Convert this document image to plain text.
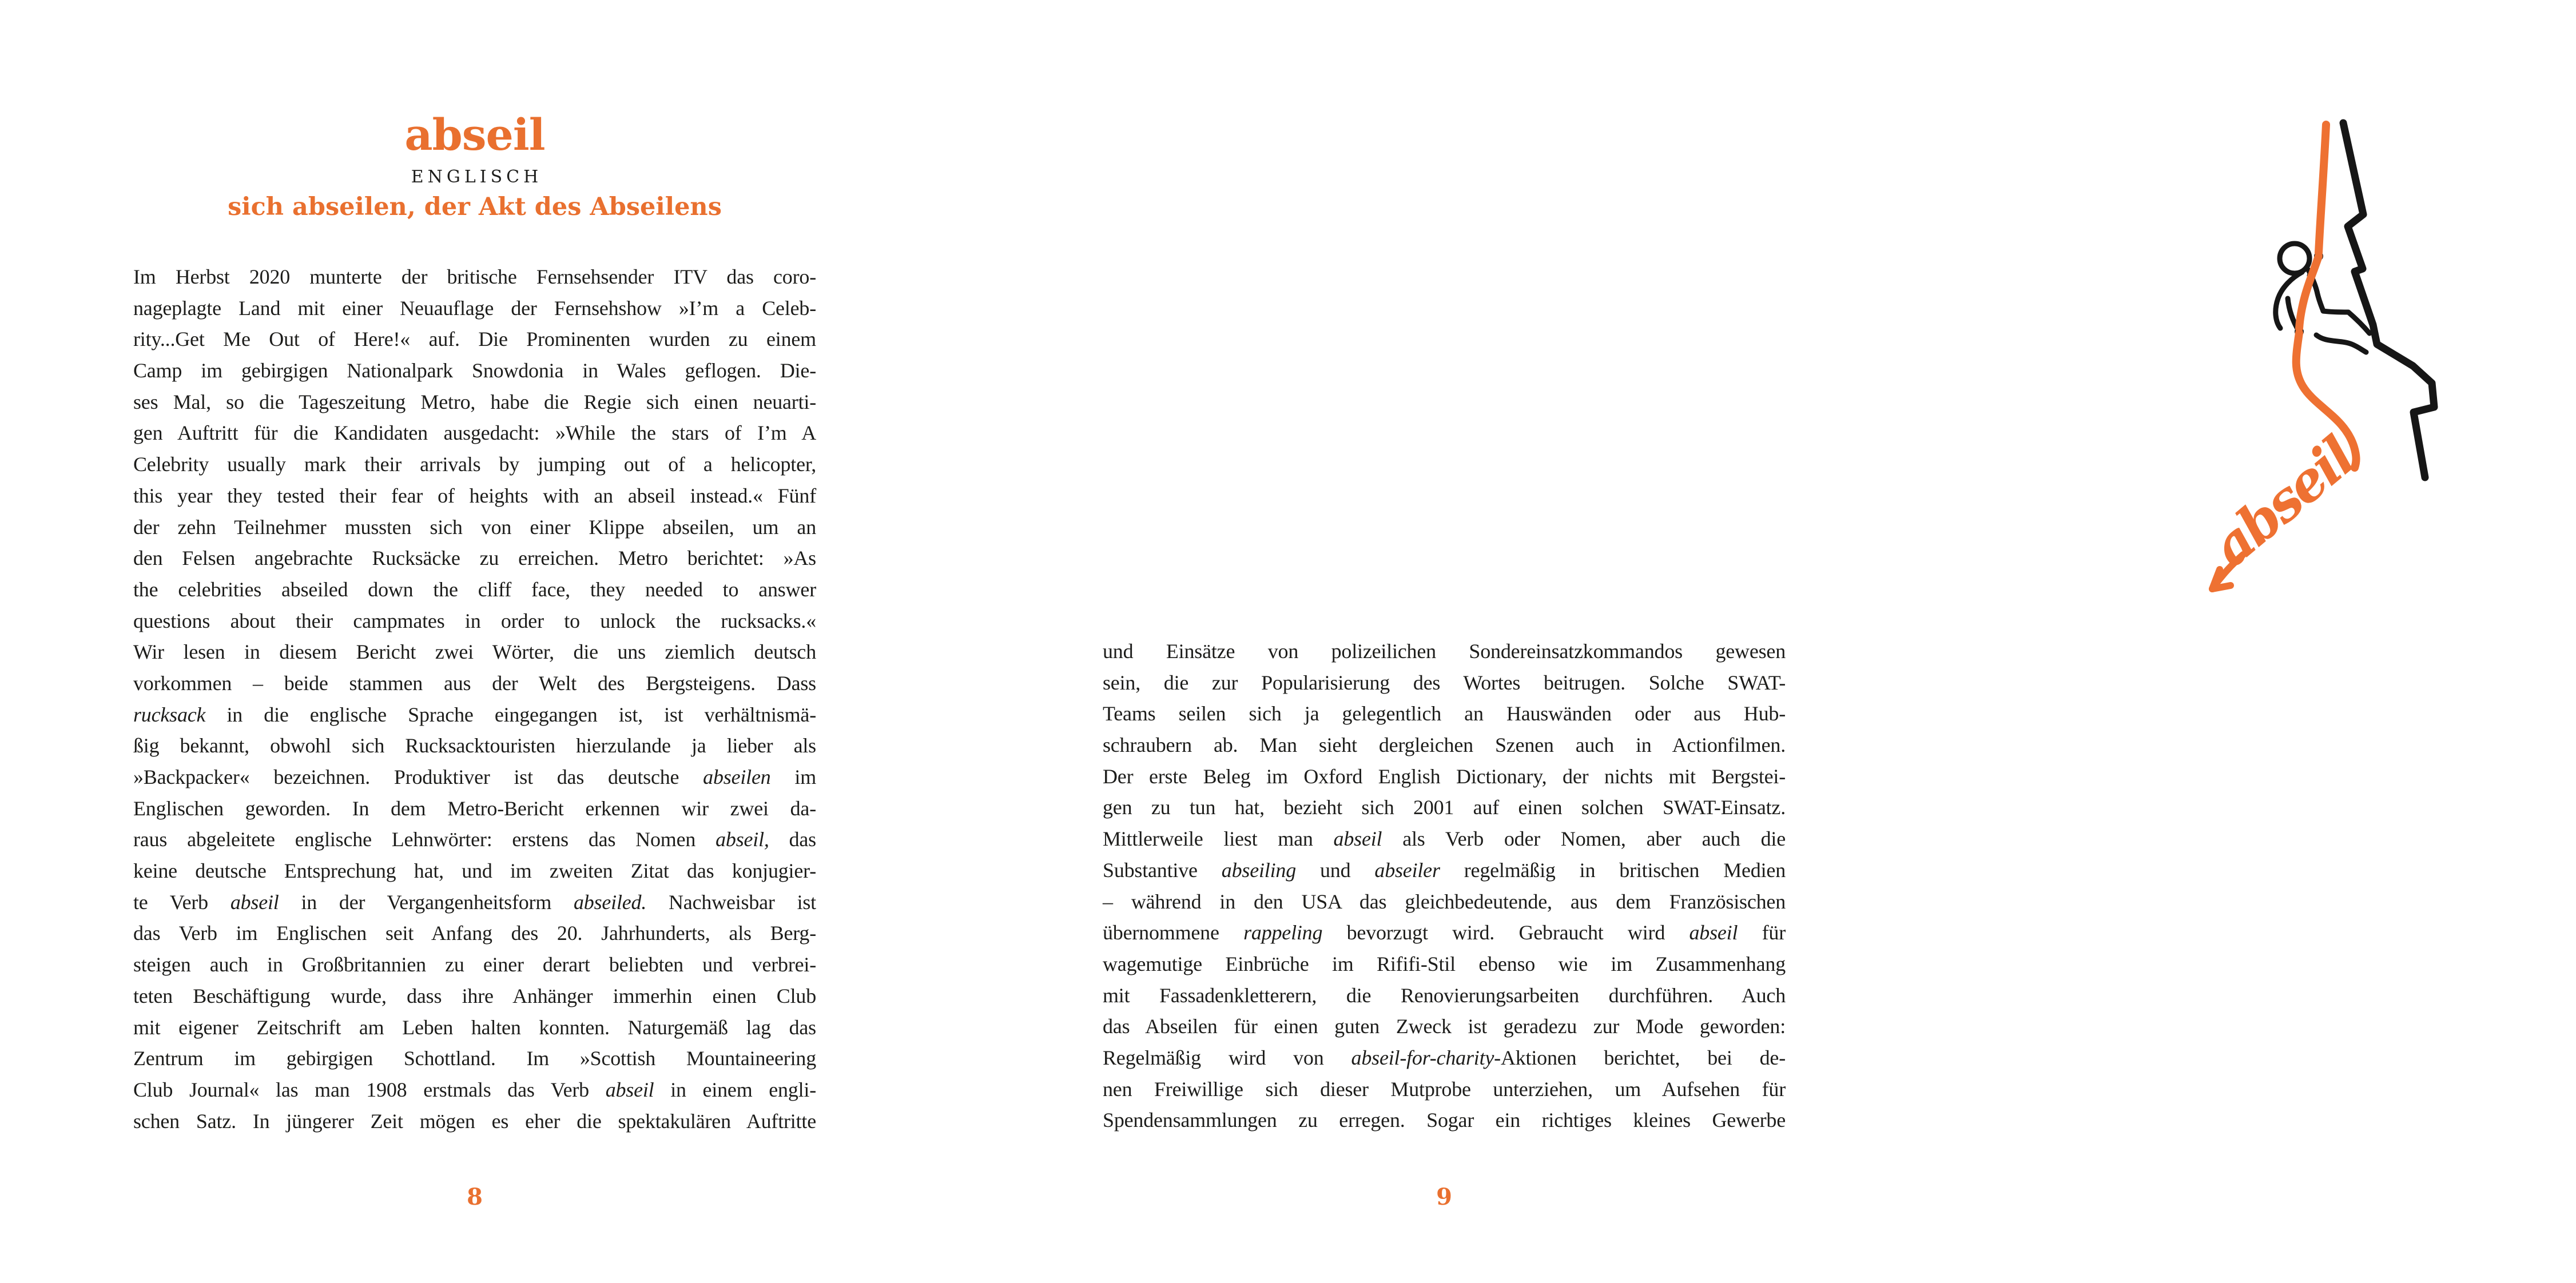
abseil
ENGLISCH
sich abseilen, der Akt des Abseilens
Im Herbst 2020 munterte der britische Fernsehsender ITV das coro-
nageplagte Land mit einer Neuauflage der Fernsehshow »I’m a Celeb-
rity...Get Me Out of Here!« auf. Die Prominenten wurden zu einem
Camp im gebirgigen Nationalpark Snowdonia in Wales geflogen. Die-
ses Mal, so die Tageszeitung Metro, habe die Regie sich einen neuarti-
gen Auftritt für die Kandidaten ausgedacht: »While the stars of I’m A
Celebrity usually mark their arrivals by jumping out of a helicopter,
this year they tested their fear of heights with an abseil instead.« Fünf
der zehn Teilnehmer mussten sich von einer Klippe abseilen, um an
den Felsen angebrachte Rucksäcke zu erreichen. Metro berichtet: »As
the celebrities abseiled down the cliff face, they needed to answer
questions about their campmates in order to unlock the rucksacks.«
Wir lesen in diesem Bericht zwei Wörter, die uns ziemlich deutsch
vorkommen – beide stammen aus der Welt des Bergsteigens. Dass
rucksack in die englische Sprache eingegangen ist, ist verhältnismä-
ßig bekannt, obwohl sich Rucksacktouristen hierzulande ja lieber als
»Backpacker« bezeichnen. Produktiver ist das deutsche abseilen im
Englischen geworden. In dem Metro-Bericht erkennen wir zwei da-
raus abgeleitete englische Lehnwörter: erstens das Nomen abseil, das
keine deutsche Entsprechung hat, und im zweiten Zitat das konjugier-
te Verb abseil in der Vergangenheitsform abseiled. Nachweisbar ist
das Verb im Englischen seit Anfang des 20. Jahrhunderts, als Berg-
steigen auch in Großbritannien zu einer derart beliebten und verbrei-
teten Beschäftigung wurde, dass ihre Anhänger immerhin einen Club
mit eigener Zeitschrift am Leben halten konnten. Naturgemäß lag das
Zentrum im gebirgigen Schottland. Im »Scottish Mountaineering
Club Journal« las man 1908 erstmals das Verb abseil in einem engli-
schen Satz. In jüngerer Zeit mögen es eher die spektakulären Auftritte
8
abseil
und Einsätze von polizeilichen Sondereinsatzkommandos gewesen
sein, die zur Popularisierung des Wortes beitrugen. Solche SWAT-
Teams seilen sich ja gelegentlich an Hauswänden oder aus Hub-
schraubern ab. Man sieht dergleichen Szenen auch in Actionfilmen.
Der erste Beleg im Oxford English Dictionary, der nichts mit Bergstei-
gen zu tun hat, bezieht sich 2001 auf einen solchen SWAT-Einsatz.
Mittlerweile liest man abseil als Verb oder Nomen, aber auch die
Substantive abseiling und abseiler regelmäßig in britischen Medien
– während in den USA das gleichbedeutende, aus dem Französischen
übernommene rappeling bevorzugt wird. Gebraucht wird abseil für
wagemutige Einbrüche im Rififi-Stil ebenso wie im Zusammenhang
mit Fassadenkletterern, die Renovierungsarbeiten durchführen. Auch
das Abseilen für einen guten Zweck ist geradezu zur Mode geworden:
Regelmäßig wird von abseil-for-charity-Aktionen berichtet, bei de-
nen Freiwillige sich dieser Mutprobe unterziehen, um Aufsehen für
Spendensammlungen zu erregen. Sogar ein richtiges kleines Gewerbe
9
